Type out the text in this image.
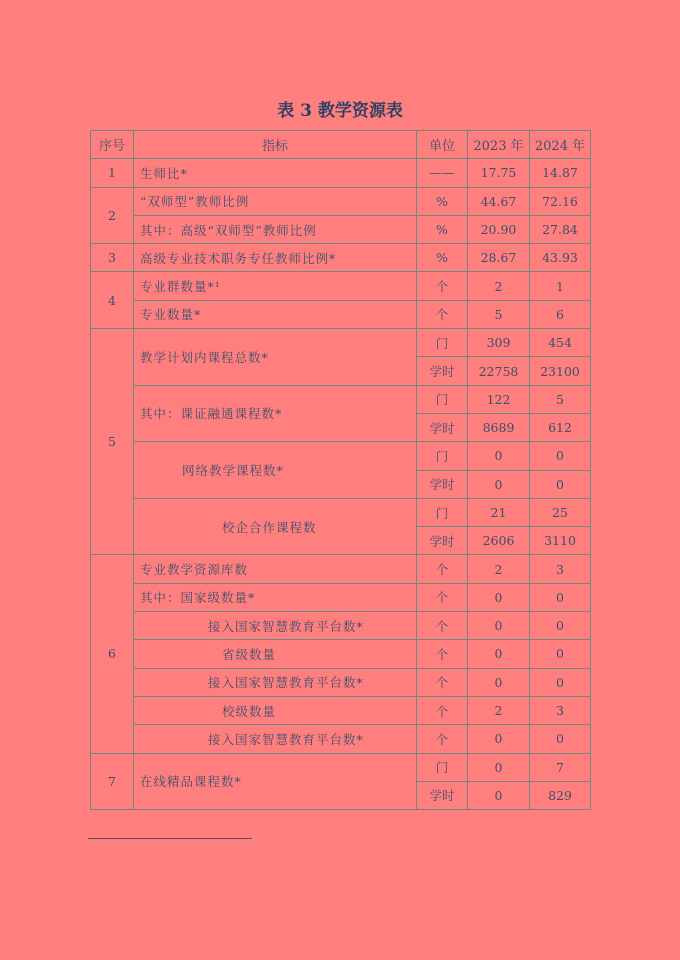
表 3 教学资源表
序号	指标	单位	2023 年	2024 年
1	生师比*	——	17.75	14.87
2	“双师型”教师比例	%	44.67	72.16
	其中：高级“双师型”教师比例	%	20.90	27.84
3	高级专业技术职务专任教师比例*	%	28.67	43.93
4	专业群数量*¹	个	2	1
	专业数量*	个	5	6
5	教学计划内课程总数*	门	309	454
		学时	22758	23100
	其中：课证融通课程数*	门	122	5
		学时	8689	612
	网络教学课程数*	门	0	0
		学时	0	0
	校企合作课程数	门	21	25
		学时	2606	3110
6	专业教学资源库数	个	2	3
	其中：国家级数量*	个	0	0
	接入国家智慧教育平台数*	个	0	0
	省级数量	个	0	0
	接入国家智慧教育平台数*	个	0	0
	校级数量	个	2	3
	接入国家智慧教育平台数*	个	0	0
7	在线精品课程数*	门	0	7
		学时	0	829
